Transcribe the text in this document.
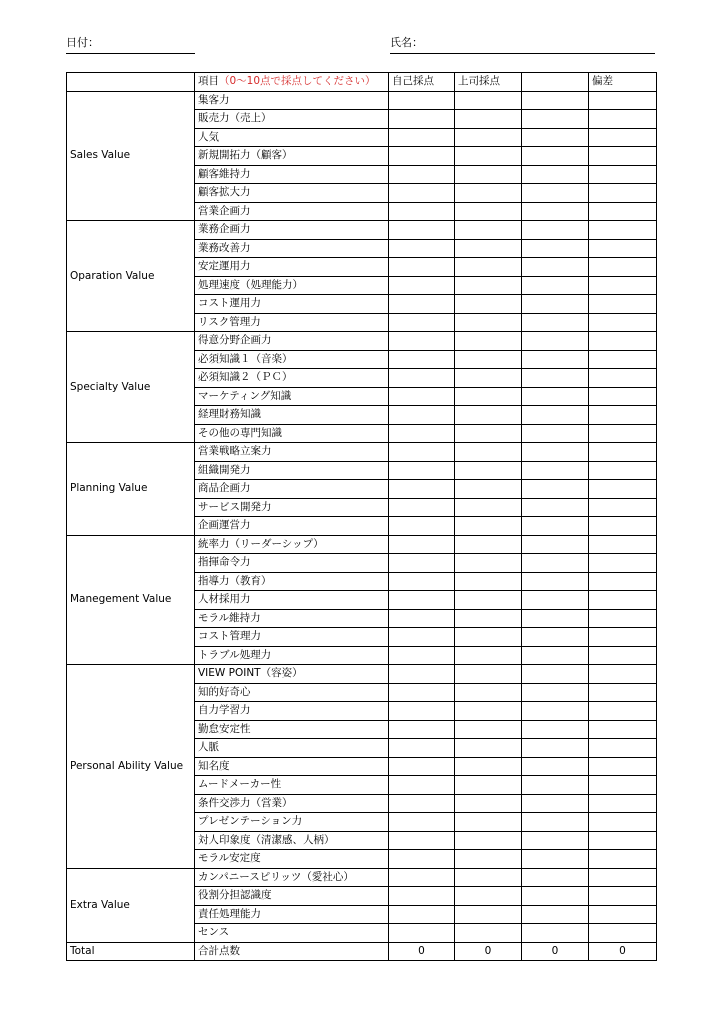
日付：	氏名：
	項目（0〜10点で採点してください）	自己採点	上司採点		偏差
Sales Value	集客力				
	販売力（売上）				
	人気				
	新規開拓力（顧客）				
	顧客維持力				
	顧客拡大力				
	営業企画力				
Oparation Value	業務企画力				
	業務改善力				
	安定運用力				
	処理速度（処理能力）				
	コスト運用力				
	リスク管理力				
Specialty Value	得意分野企画力				
	必須知識１（音楽）				
	必須知識２（ＰＣ）				
	マーケティング知識				
	経理財務知識				
	その他の専門知識				
Planning Value	営業戦略立案力				
	組織開発力				
	商品企画力				
	サービス開発力				
	企画運営力				
Manegement Value	統率力（リーダーシップ）				
	指揮命令力				
	指導力（教育）				
	人材採用力				
	モラル維持力				
	コスト管理力				
	トラブル処理力				
Personal Ability Value	VIEW POINT（容姿）				
	知的好奇心				
	自力学習力				
	勤怠安定性				
	人脈				
	知名度				
	ムードメーカー性				
	条件交渉力（営業）				
	プレゼンテーション力				
	対人印象度（清潔感、人柄）				
	モラル安定度				
Extra Value	カンパニースピリッツ（愛社心）				
	役割分担認識度				
	責任処理能力				
	センス				
Total	合計点数	0	0	0	0
